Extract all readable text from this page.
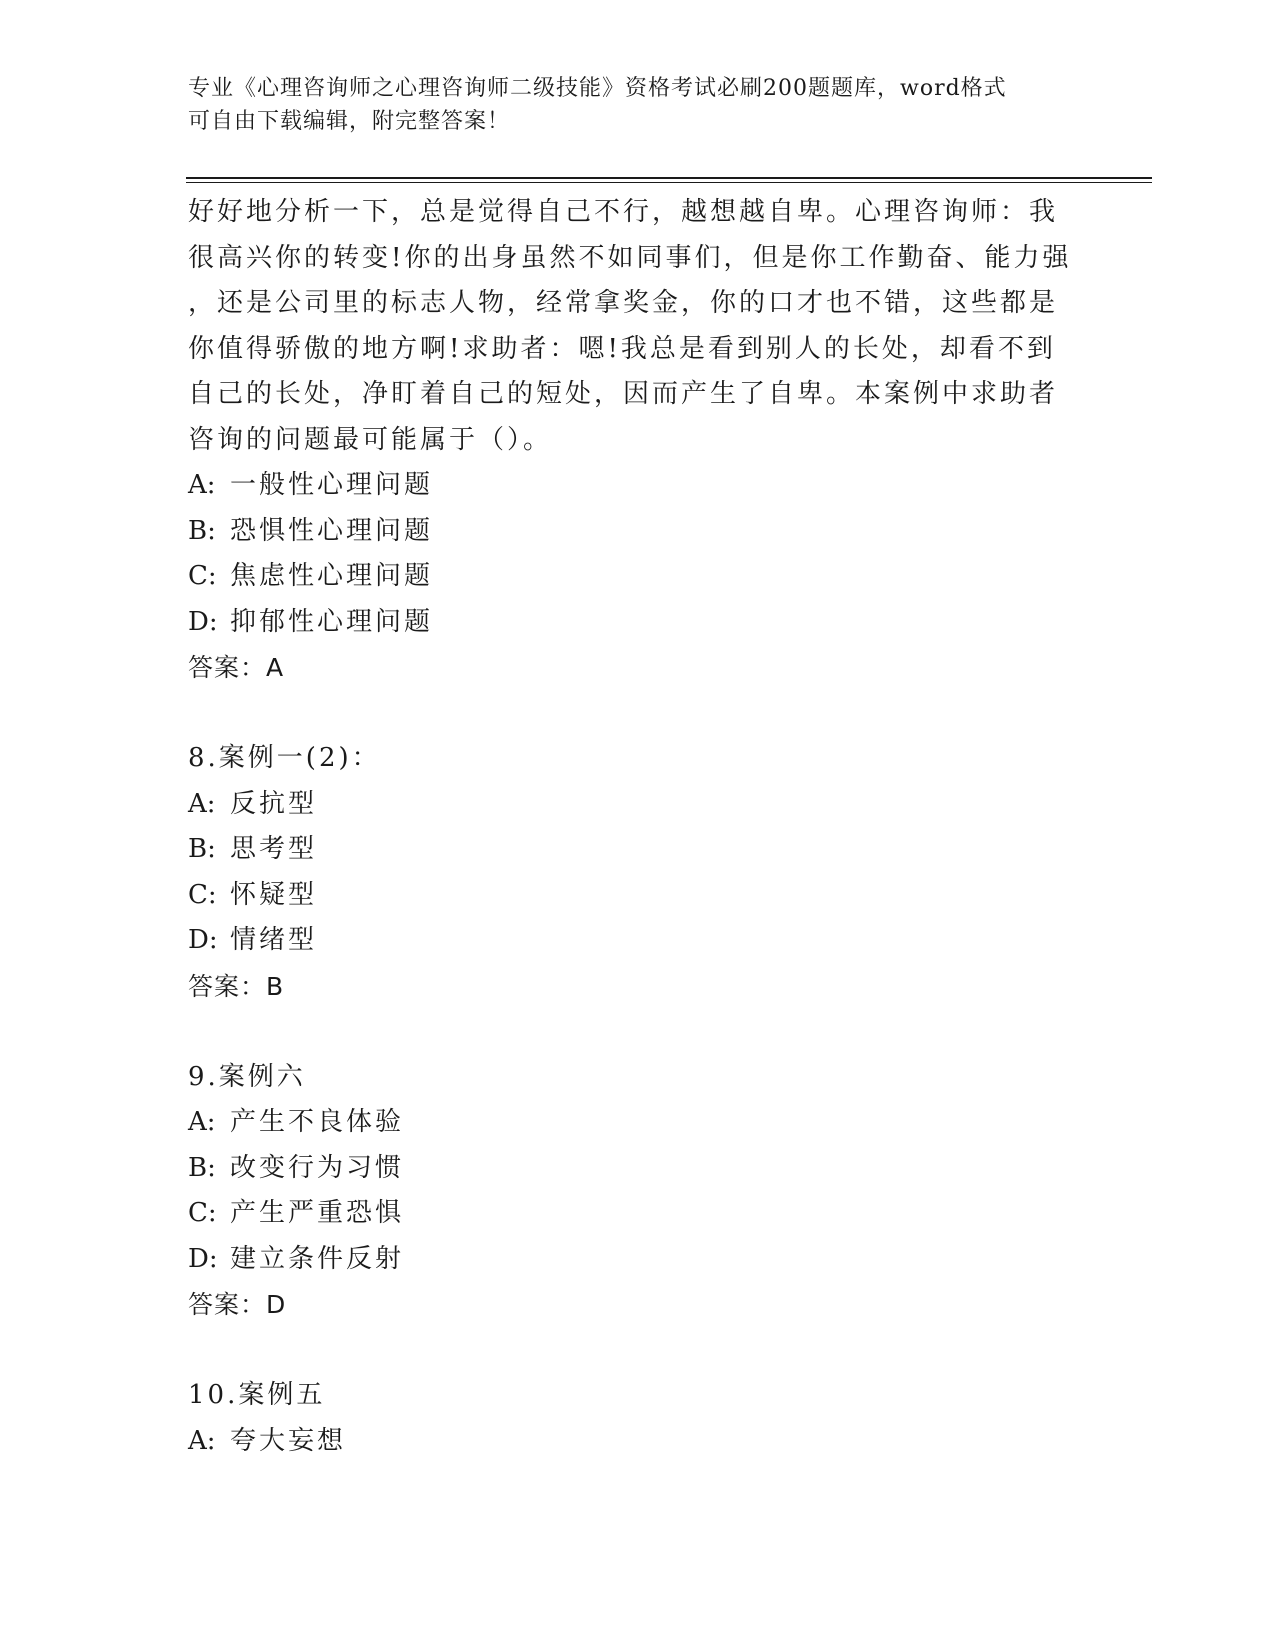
专业《心理咨询师之心理咨询师二级技能》资格考试必刷200题题库，word格式
可自由下载编辑，附完整答案！

好好地分析一下，总是觉得自己不行，越想越自卑。心理咨询师：我

很高兴你的转变!你的出身虽然不如同事们，但是你工作勤奋、能力强

，还是公司里的标志人物，经常拿奖金，你的口才也不错，这些都是

你值得骄傲的地方啊!求助者：嗯!我总是看到别人的长处，却看不到

自己的长处，净盯着自己的短处，因而产生了自卑。本案例中求助者

咨询的问题最可能属于（）。

A: 一般性心理问题

B: 恐惧性心理问题

C: 焦虑性心理问题

D: 抑郁性心理问题

答案：A

8.案例一(2)：

A: 反抗型

B: 思考型

C: 怀疑型

D: 情绪型

答案：B

9.案例六

A: 产生不良体验

B: 改变行为习惯

C: 产生严重恐惧

D: 建立条件反射

答案：D

10.案例五

A: 夸大妄想
